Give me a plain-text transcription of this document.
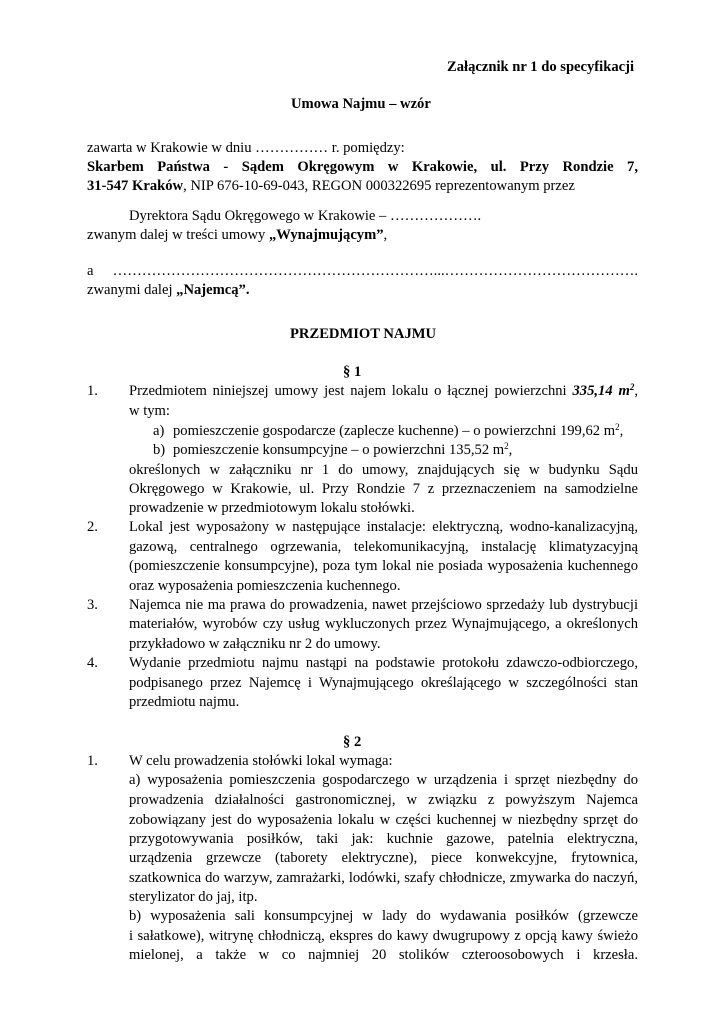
Załącznik nr 1 do specyfikacji
Umowa Najmu – wzór
zawarta w Krakowie w dniu …………… r. pomiędzy:
Skarbem Państwa - Sądem Okręgowym w Krakowie, ul. Przy Rondzie 7,
31-547 Kraków, NIP 676-10-69-043, REGON 000322695 reprezentowanym przez
Dyrektora Sądu Okręgowego w Krakowie – ……………….
zwanym dalej w treści umowy „Wynajmującym”,
a …………………………………………………………...………………………………….
zwanymi dalej „Najemcą”.
PRZEDMIOT NAJMU
§ 1
1. Przedmiotem niniejszej umowy jest najem lokalu o łącznej powierzchni 335,14 $m^2$,
w tym:
a) pomieszczenie gospodarcze (zaplecze kuchenne) – o powierzchni 199,62 $m^2$,
b) pomieszczenie konsumpcyjne – o powierzchni 135,52 $m^2$,
określonych w załączniku nr 1 do umowy, znajdujących się w budynku Sądu
Okręgowego w Krakowie, ul. Przy Rondzie 7 z przeznaczeniem na samodzielne
prowadzenie w przedmiotowym lokalu stołówki.
2. Lokal jest wyposażony w następujące instalacje: elektryczną, wodno-kanalizacyjną,
gazową, centralnego ogrzewania, telekomunikacyjną, instalację klimatyzacyjną
(pomieszczenie konsumpcyjne), poza tym lokal nie posiada wyposażenia kuchennego
oraz wyposażenia pomieszczenia kuchennego.
3. Najemca nie ma prawa do prowadzenia, nawet przejściowo sprzedaży lub dystrybucji
materiałów, wyrobów czy usług wykluczonych przez Wynajmującego, a określonych
przykładowo w załączniku nr 2 do umowy.
4. Wydanie przedmiotu najmu nastąpi na podstawie protokołu zdawczo-odbiorczego,
podpisanego przez Najemcę i Wynajmującego określającego w szczególności stan
przedmiotu najmu.
§ 2
1. W celu prowadzenia stołówki lokal wymaga:
a) wyposażenia pomieszczenia gospodarczego w urządzenia i sprzęt niezbędny do
prowadzenia działalności gastronomicznej, w związku z powyższym Najemca
zobowiązany jest do wyposażenia lokalu w części kuchennej w niezbędny sprzęt do
przygotowywania posiłków, taki jak: kuchnie gazowe, patelnia elektryczna,
urządzenia grzewcze (taborety elektryczne), piece konwekcyjne, frytownica,
szatkownica do warzyw, zamrażarki, lodówki, szafy chłodnicze, zmywarka do naczyń,
sterylizator do jaj, itp.
b) wyposażenia sali konsumpcyjnej w lady do wydawania posiłków (grzewcze
i sałatkowe), witrynę chłodniczą, ekspres do kawy dwugrupowy z opcją kawy świeżo
mielonej, a także w co najmniej 20 stolików czteroosobowych i krzesła.
